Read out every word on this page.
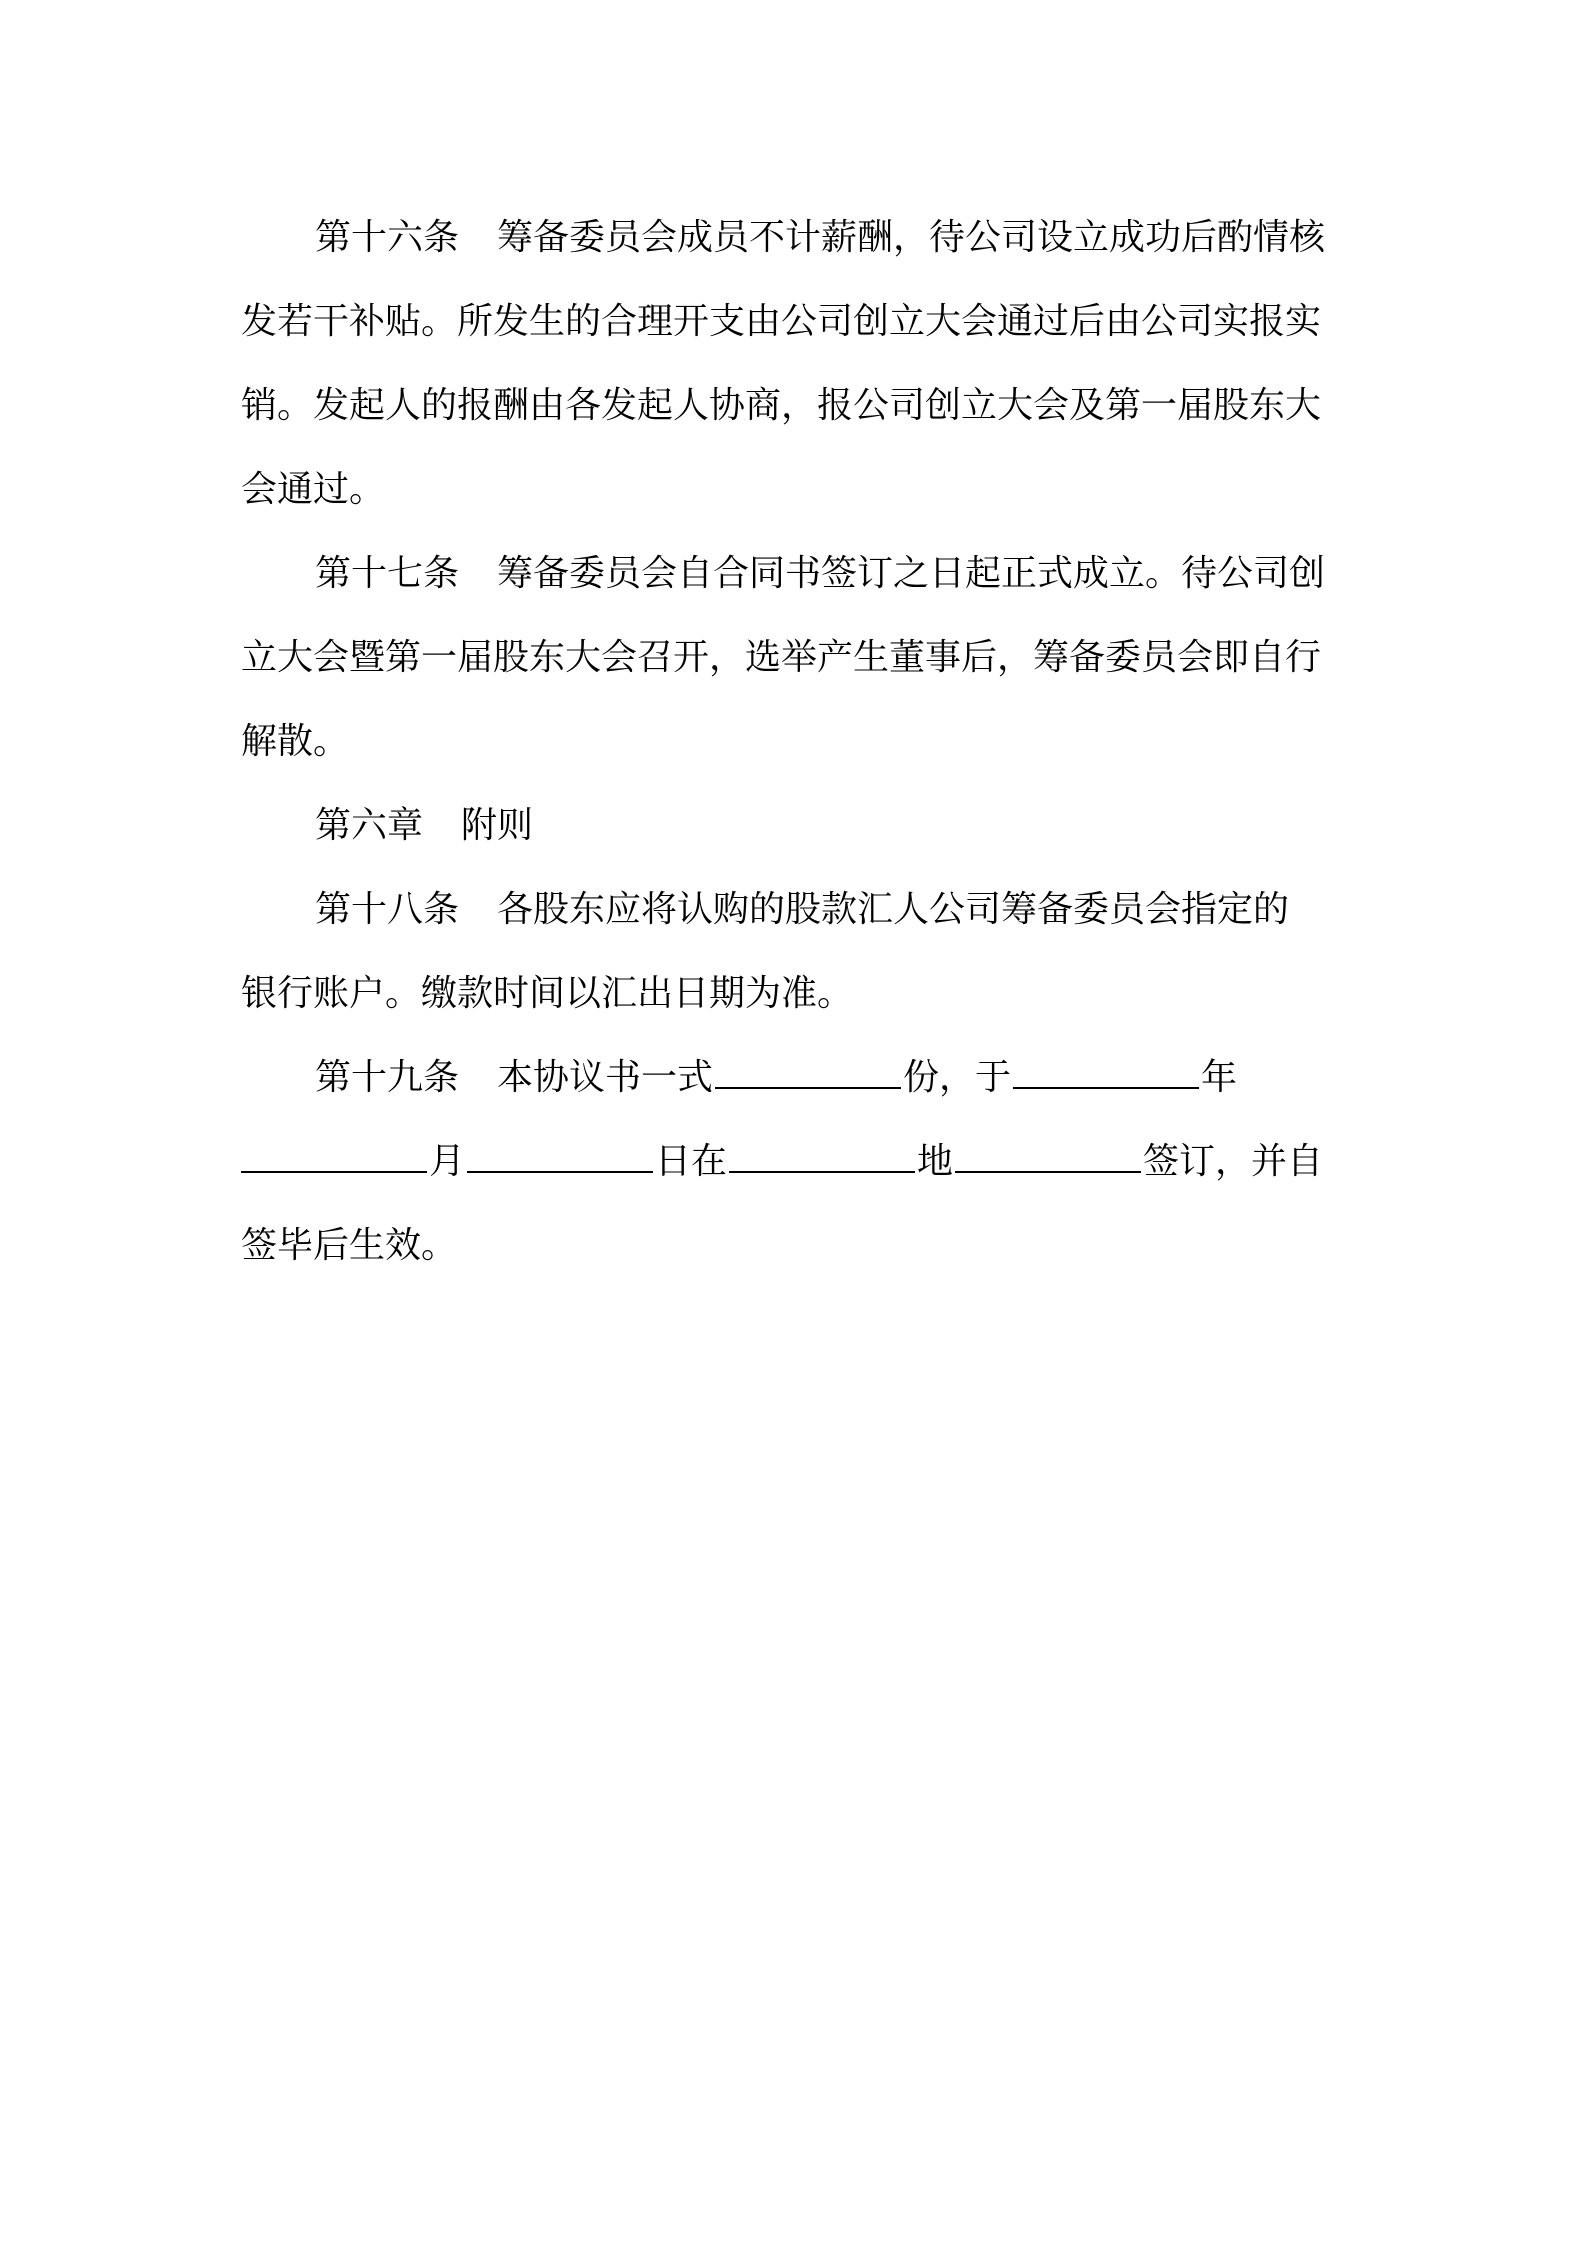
第十六条 筹备委员会成员不计薪酬，待公司设立成功后酌情核
发若干补贴。所发生的合理开支由公司创立大会通过后由公司实报实
销。发起人的报酬由各发起人协商，报公司创立大会及第一届股东大
会通过。
第十七条 筹备委员会自合同书签订之日起正式成立。待公司创
立大会暨第一届股东大会召开，选举产生董事后，筹备委员会即自行
解散。
第六章 附则
第十八条 各股东应将认购的股款汇人公司筹备委员会指定的
银行账户。缴款时间以汇出日期为准。
第十九条 本协议书一式	份，于	年
月	日在	地	签订，并自
签毕后生效。
